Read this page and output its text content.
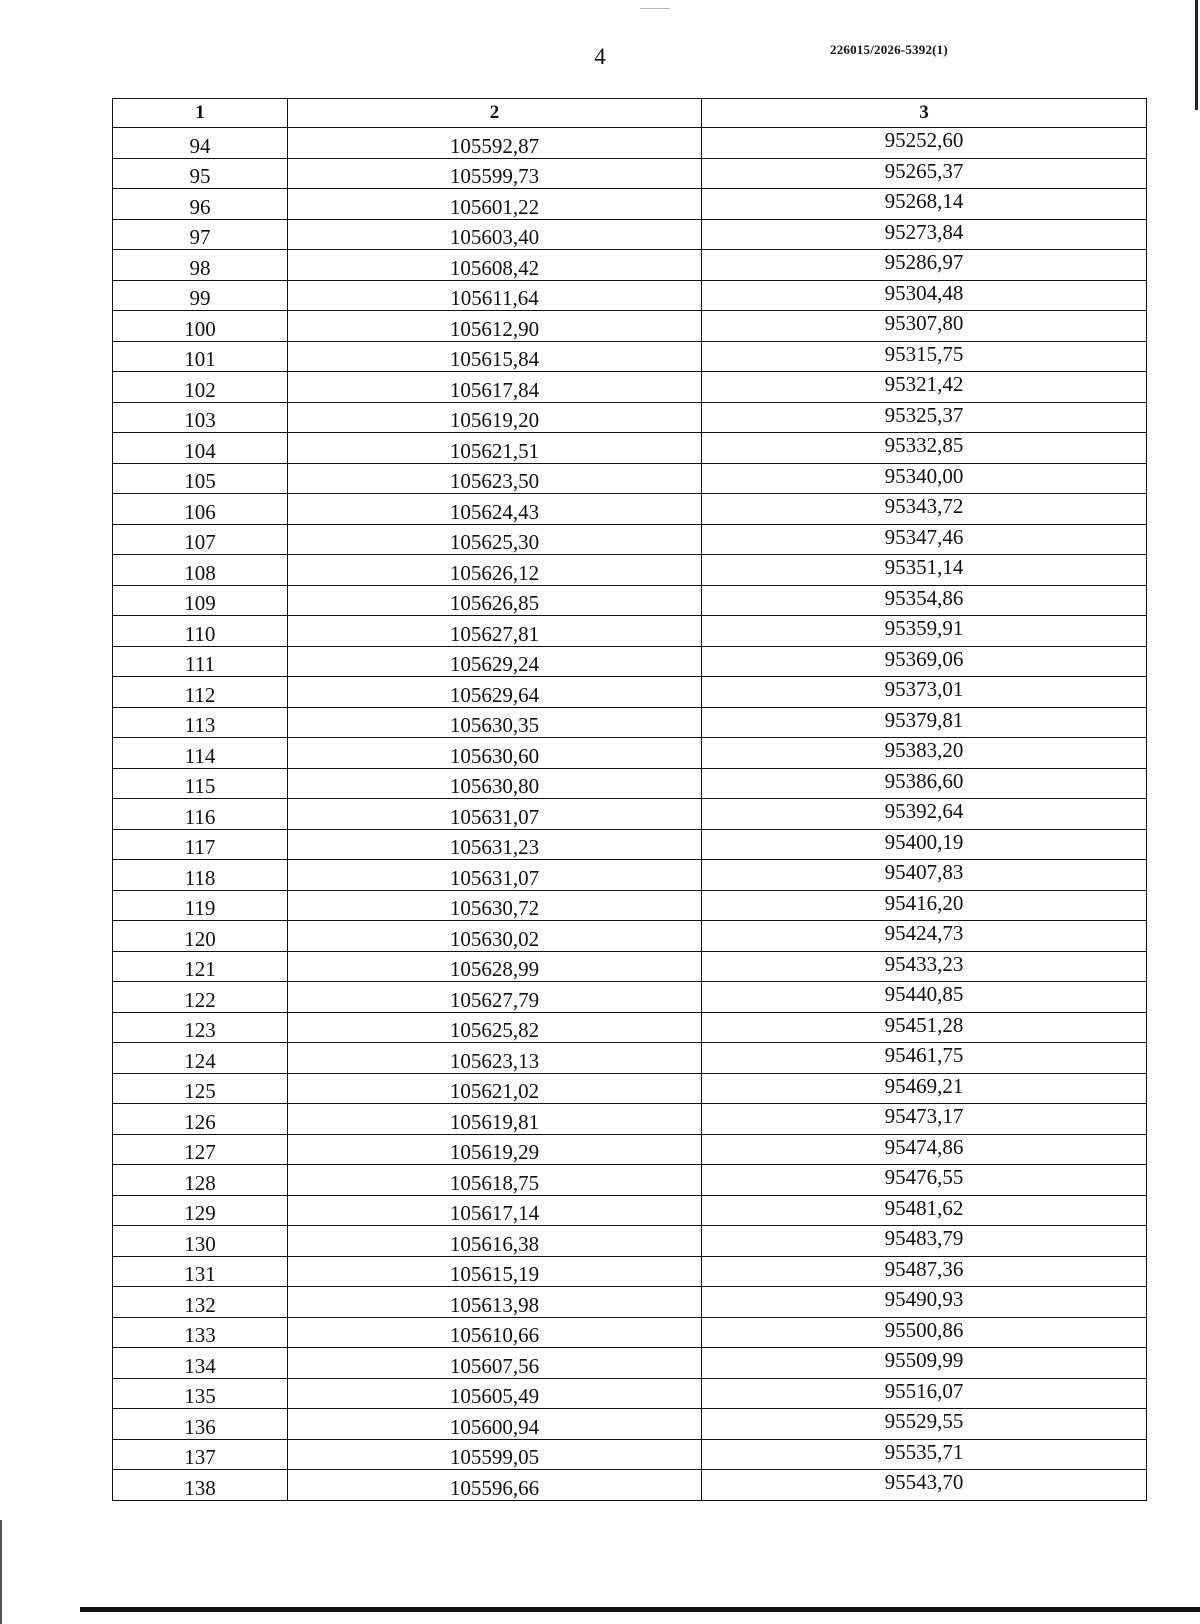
4	226015/2026-5392(1)
1	2	3
94	105592,87	95252,60
95	105599,73	95265,37
96	105601,22	95268,14
97	105603,40	95273,84
98	105608,42	95286,97
99	105611,64	95304,48
100	105612,90	95307,80
101	105615,84	95315,75
102	105617,84	95321,42
103	105619,20	95325,37
104	105621,51	95332,85
105	105623,50	95340,00
106	105624,43	95343,72
107	105625,30	95347,46
108	105626,12	95351,14
109	105626,85	95354,86
110	105627,81	95359,91
111	105629,24	95369,06
112	105629,64	95373,01
113	105630,35	95379,81
114	105630,60	95383,20
115	105630,80	95386,60
116	105631,07	95392,64
117	105631,23	95400,19
118	105631,07	95407,83
119	105630,72	95416,20
120	105630,02	95424,73
121	105628,99	95433,23
122	105627,79	95440,85
123	105625,82	95451,28
124	105623,13	95461,75
125	105621,02	95469,21
126	105619,81	95473,17
127	105619,29	95474,86
128	105618,75	95476,55
129	105617,14	95481,62
130	105616,38	95483,79
131	105615,19	95487,36
132	105613,98	95490,93
133	105610,66	95500,86
134	105607,56	95509,99
135	105605,49	95516,07
136	105600,94	95529,55
137	105599,05	95535,71
138	105596,66	95543,70
